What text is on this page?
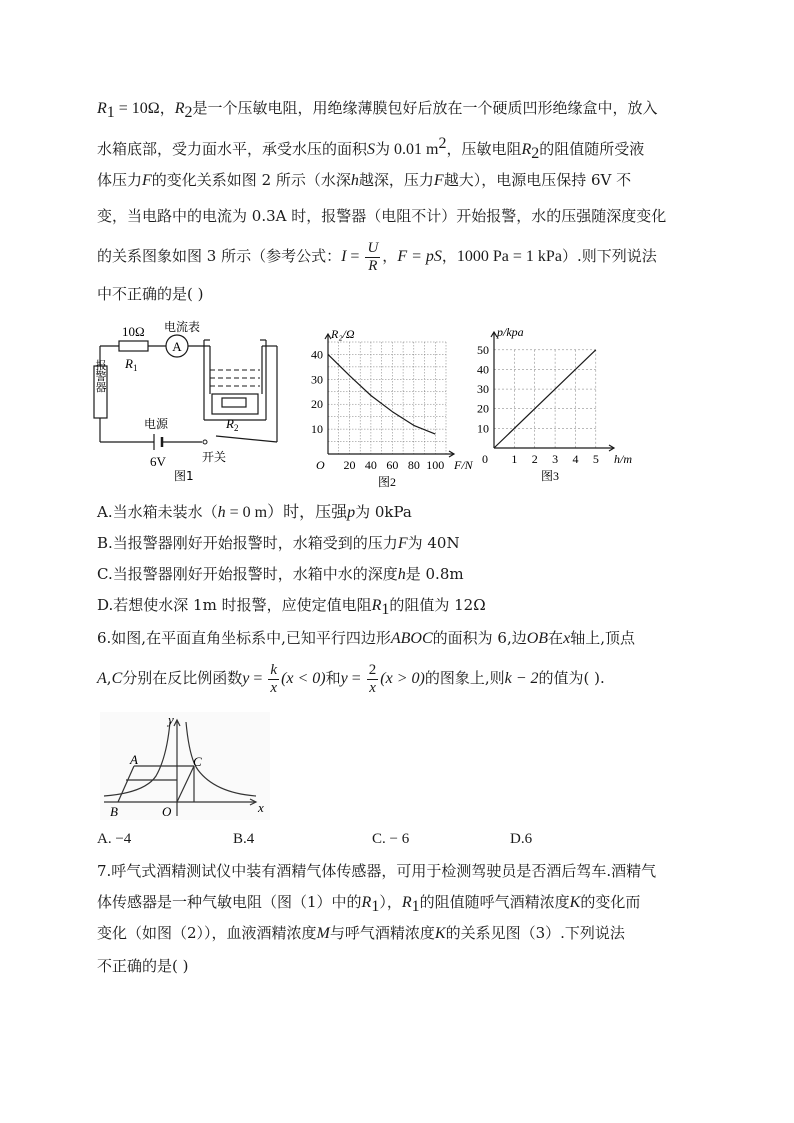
$R_1 = 10\Omega$，$R_2$是一个压敏电阻，用绝缘薄膜包好后放在一个硬质凹形绝缘盒中，放入
水箱底部，受力面水平，承受水压的面积S为 0.01 $m^2$，压敏电阻$R_2$的阻值随所受液
体压力F的变化关系如图 2 所示（水深h越深，压力F越大），电源电压保持 6V 不
变，当电路中的电流为 0.3A 时，报警器（电阻不计）开始报警，水的压强随深度变化
的关系图象如图 3 所示（参考公式：$I = \frac{U}{R}$ ，F = pS，1000 Pa = 1 kPa）.则下列说法
中不正确的是( )
报警器
10Ω
$R_1$
A
电流表
$R_2$
电源
6V	开关
图1
20 40 60 80 100
10
20
30
40
O	F/N
R₂/Ω
图2
1 2 3 4 5
10
20
30
40
50
0	h/m
p/kpa
图3
A.当水箱未装水（h = 0 m）时，压强p为 0kPa
B.当报警器刚好开始报警时，水箱受到的压力F为 40N
C.当报警器刚好开始报警时，水箱中水的深度h是 0.8m
D.若想使水深 1m 时报警，应使定值电阻$R_1$的阻值为 12Ω
6.如图,在平面直角坐标系中,已知平行四边形ABOC的面积为 6,边OB在x轴上,顶点
A,C分别在反比例函数$y = \frac{k}{x} (x < 0)$和$y = \frac{2}{x} (x > 0)$的图象上,则k − 2的值为( ).
y
x
A	C
B	O
A. −4	B.4	C. − 6	D.6
7.呼气式酒精测试仪中装有酒精气体传感器，可用于检测驾驶员是否酒后驾车.酒精气
体传感器是一种气敏电阻（图（1）中的$R_1$），$R_1$的阻值随呼气酒精浓度K的变化而
变化（如图（2）），血液酒精浓度M与呼气酒精浓度K的关系见图（3）.下列说法
不正确的是( )
